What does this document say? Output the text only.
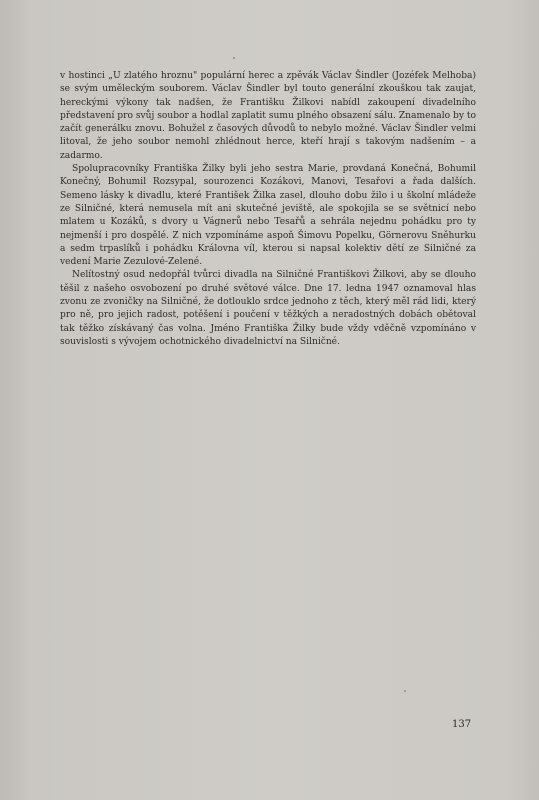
v hostinci „U zlatého hroznu" populární herec a zpěvák Václav Šindler (Jozéfek Melhoba) se svým uměleckým souborem. Václav Šindler byl touto generální zkouškou tak zaujat, hereckými výkony tak nadšen, že Františku Žilkovi nabídl zakoupení divadelního představení pro svůj soubor a hodlal zaplatit sumu plného obsazení sálu. Znamenalo by to začít generálku znovu. Bohužel z časových důvodů to nebylo možné. Václav Šindler velmi litoval, že jeho soubor nemohl zhlédnout herce, kteří hrají s takovým nadšením – a zadarmo.

Spolupracovníky Františka Žilky byli jeho sestra Marie, provdaná Konečná, Bohumil Konečný, Bohumil Rozsypal, sourozenci Kozákovi, Manovi, Tesařovi a řada dalších. Semeno lásky k divadlu, které František Žilka zasel, dlouho dobu žilo i u školní mládeže ze Silničné, která nemusela mít ani skutečné jeviště, ale spokojila se se světnicí nebo mlatem u Kozáků, s dvory u Vágnerů nebo Tesařů a sehrála nejednu pohádku pro ty nejmenší i pro dospělé. Z nich vzpomínáme aspoň Šimovu Popelku, Görnerovu Sněhurku a sedm trpaslíků i pohádku Královna víl, kterou si napsal kolektiv dětí ze Silničné za vedení Marie Zezulové-Zelené.

Nelítostný osud nedopřál tvůrci divadla na Silničné Františkovi Žilkovi, aby se dlouho těšil z našeho osvobození po druhé světové válce. Dne 17. ledna 1947 oznamoval hlas zvonu ze zvoničky na Silničné, že dotlouklo srdce jednoho z těch, který měl rád lidi, který pro ně, pro jejich radost, potěšení i poučení v těžkých a neradostných dobách obětoval tak těžko získávaný čas volna. Jméno Františka Žilky bude vždy vděčně vzpomínáno v souvislosti s vývojem ochotnického divadelnictví na Silničné.

137
